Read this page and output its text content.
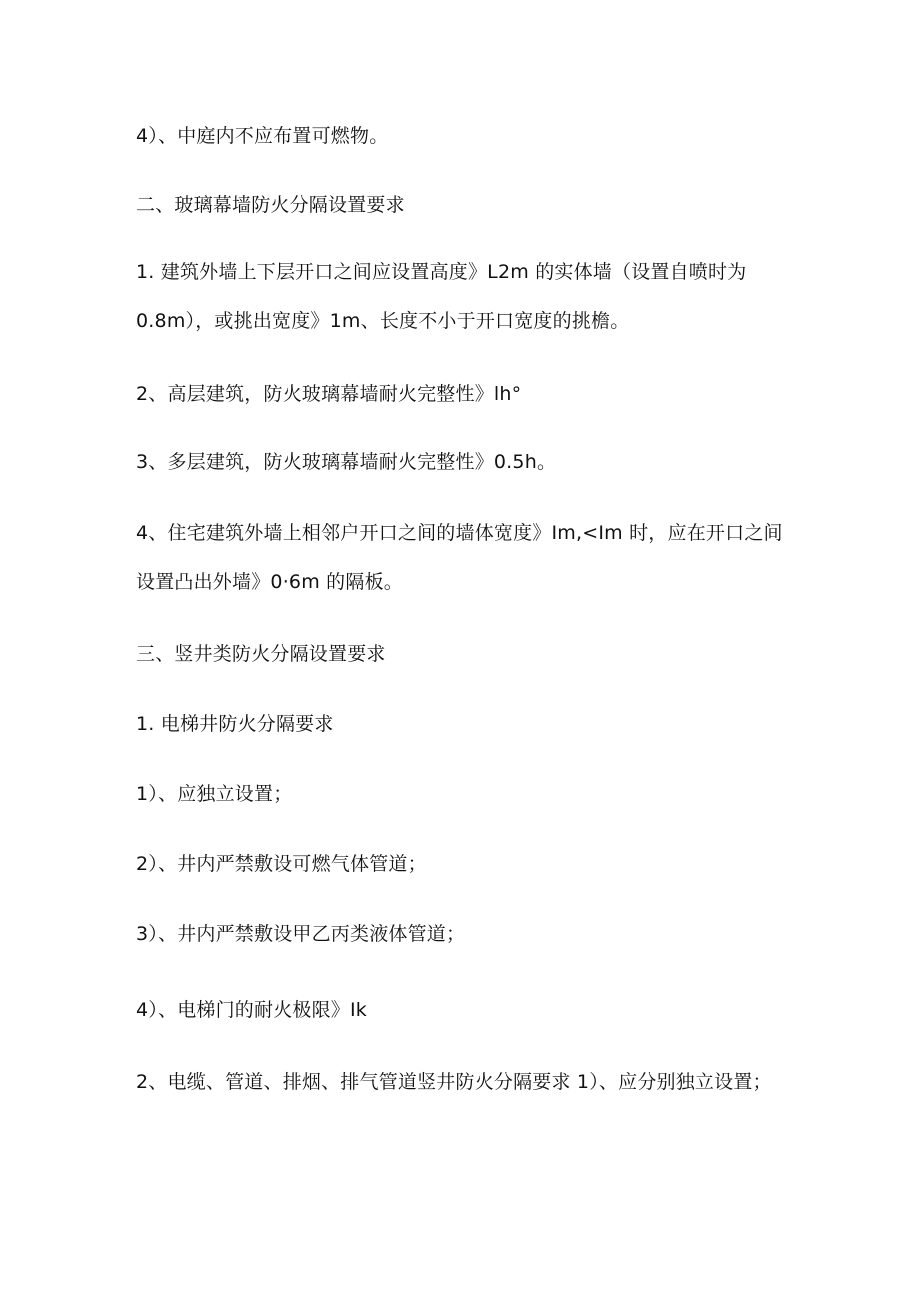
4）、中庭内不应布置可燃物。
二、玻璃幕墙防火分隔设置要求
1. 建筑外墙上下层开口之间应设置高度》L2m 的实体墙（设置自喷时为 0.8m），或挑出宽度》1m、长度不小于开口宽度的挑檐。
2、高层建筑，防火玻璃幕墙耐火完整性》lh°
3、多层建筑，防火玻璃幕墙耐火完整性》0.5h。
4、住宅建筑外墙上相邻户开口之间的墙体宽度》Im,<Im 时，应在开口之间设置凸出外墙》0·6m 的隔板。
三、竖井类防火分隔设置要求
1. 电梯井防火分隔要求
1）、应独立设置；
2）、井内严禁敷设可燃气体管道；
3）、井内严禁敷设甲乙丙类液体管道；
4）、电梯门的耐火极限》Ik
2、电缆、管道、排烟、排气管道竖井防火分隔要求 1）、应分别独立设置；
